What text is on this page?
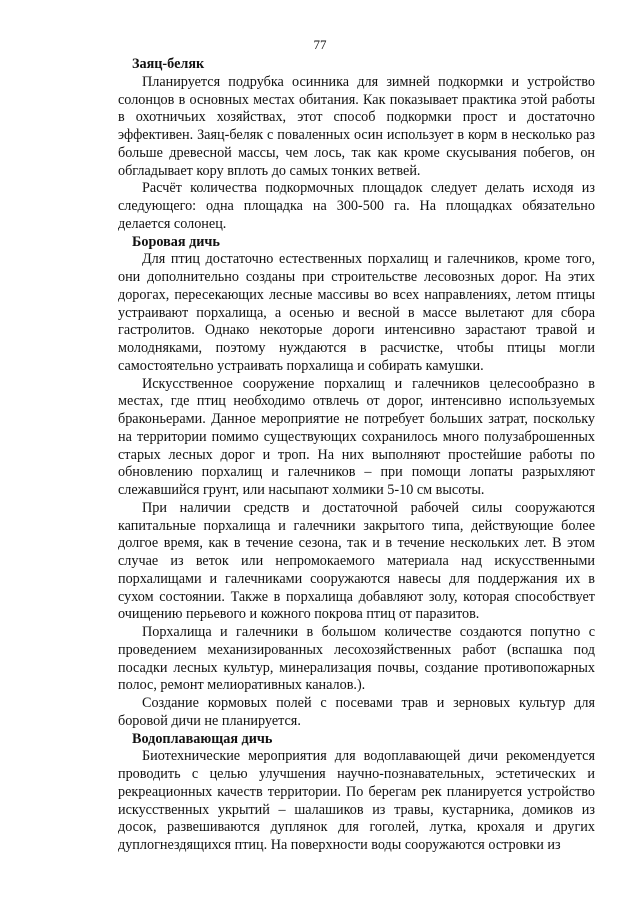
77

Заяц-беляк

Планируется подрубка осинника для зимней подкормки и устройство солонцов в основных местах обитания. Как показывает практика этой работы в охотничьих хозяйствах, этот способ подкормки прост и достаточно эффективен. Заяц-беляк с поваленных осин использует в корм в несколько раз больше древесной массы, чем лось, так как кроме скусывания побегов, он обгладывает кору вплоть до самых тонких ветвей.

Расчёт количества подкормочных площадок следует делать исходя из следующего: одна площадка на 300-500 га. На площадках обязательно делается солонец.

Боровая дичь

Для птиц достаточно естественных порхалищ и галечников, кроме того, они дополнительно созданы при строительстве лесовозных дорог. На этих дорогах, пересекающих лесные массивы во всех направлениях, летом птицы устраивают порхалища, а осенью и весной в массе вылетают для сбора гастролитов. Однако некоторые дороги интенсивно зарастают травой и молодняками, поэтому нуждаются в расчистке, чтобы птицы могли самостоятельно устраивать порхалища и собирать камушки.

Искусственное сооружение порхалищ и галечников целесообразно в местах, где птиц необходимо отвлечь от дорог, интенсивно используемых браконьерами. Данное мероприятие не потребует больших затрат, поскольку на территории помимо существующих сохранилось много полузаброшенных старых лесных дорог и троп. На них выполняют простейшие работы по обновлению порхалищ и галечников – при помощи лопаты разрыхляют слежавшийся грунт, или насыпают холмики 5-10 см высоты.

При наличии средств и достаточной рабочей силы сооружаются капитальные порхалища и галечники закрытого типа, действующие более долгое время, как в течение сезона, так и в течение нескольких лет. В этом случае из веток или непромокаемого материала над искусственными порхалищами и галечниками сооружаются навесы для поддержания их в сухом состоянии. Также в порхалища добавляют золу, которая способствует очищению перьевого и кожного покрова птиц от паразитов.

Порхалища и галечники в большом количестве создаются попутно с проведением механизированных лесохозяйственных работ (вспашка под посадки лесных культур, минерализация почвы, создание противопожарных полос, ремонт мелиоративных каналов.).

Создание кормовых полей с посевами трав и зерновых культур для боровой дичи не планируется.

Водоплавающая дичь

Биотехнические мероприятия для водоплавающей дичи рекомендуется проводить с целью улучшения научно-познавательных, эстетических и рекреационных качеств территории. По берегам рек планируется устройство искусственных укрытий – шалашиков из травы, кустарника, домиков из досок, развешиваются дуплянок для гоголей, лутка, крохаля и других дуплогнездящихся птиц. На поверхности воды сооружаются островки из
